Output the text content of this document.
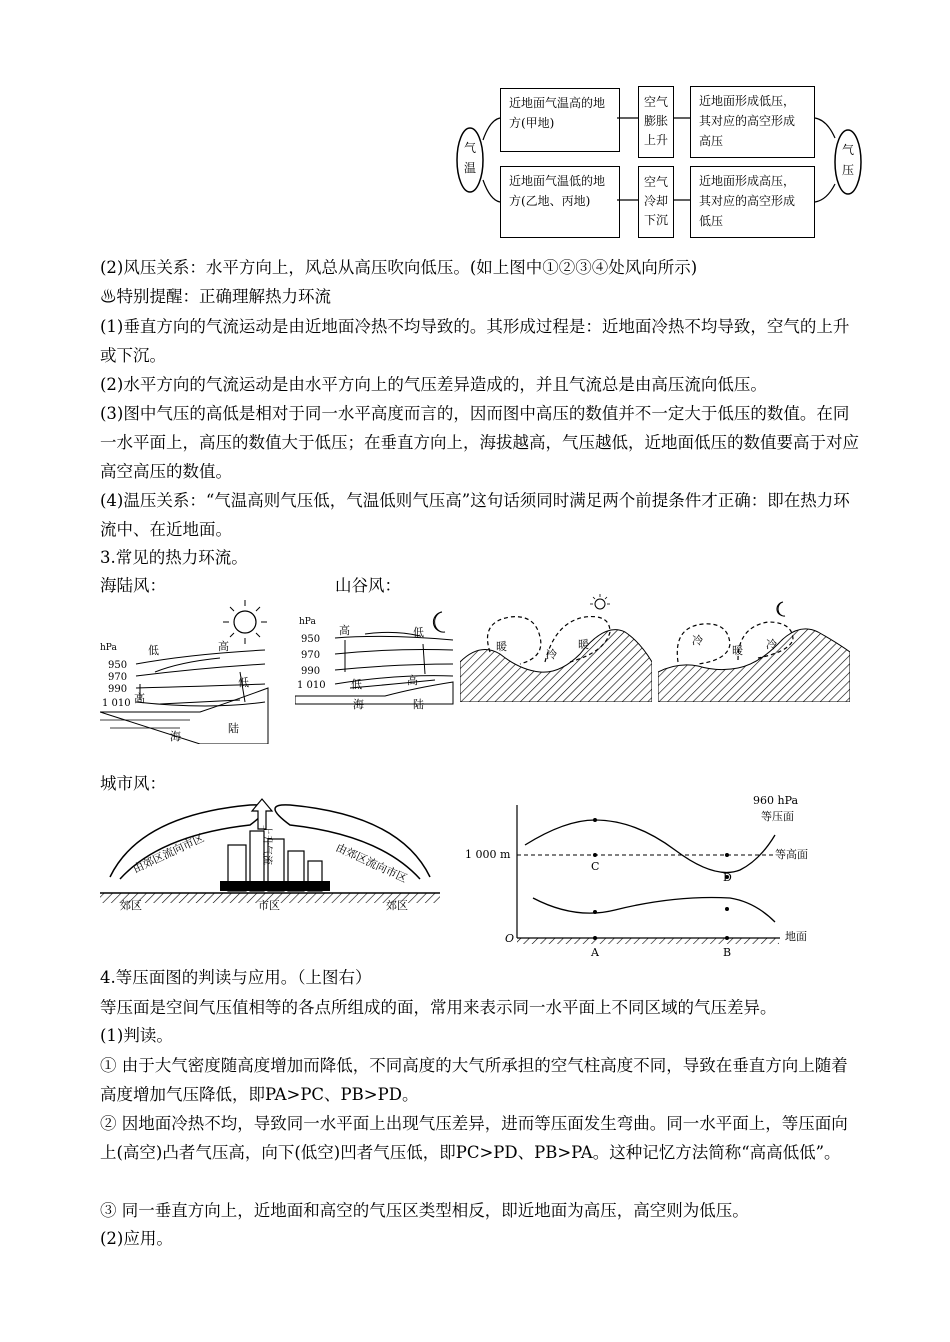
气温
气压
近地面气温高的地方(甲地)
空气膨胀上升
近地面形成低压，其对应的高空形成高压
近地面气温低的地方(乙地、丙地)
空气冷却下沉
近地面形成高压，其对应的高空形成低压
(2)风压关系：水平方向上，风总从高压吹向低压。(如上图中①②③④处风向所示)
♨特别提醒：正确理解热力环流
(1)垂直方向的气流运动是由近地面冷热不均导致的。其形成过程是：近地面冷热不均导致，空气的上升或下沉。
(2)水平方向的气流运动是由水平方向上的气压差异造成的，并且气流总是由高压流向低压。
(3)图中气压的高低是相对于同一水平高度而言的，因而图中高压的数值并不一定大于低压的数值。在同一水平面上，高压的数值大于低压；在垂直方向上，海拔越高，气压越低，近地面低压的数值要高于对应高空高压的数值。
(4)温压关系：“气温高则气压低，气温低则气压高”这句话须同时满足两个前提条件才正确：即在热力环流中、在近地面。
3.常见的热力环流。
海陆风：	山谷风：
hPa
950
970
990
1 010
低	高
低
高
海
陆
hPa
950
970
990
1 010
高	低
低	高
海	陆
暖
冷
暖	冷
暖 冷
城市风：
上升气流
由郊区流向市区	由郊区流向市区
郊区	市区	郊区
960 hPa
等压面
1 000 m	等高面
C
D
A	B
O	地面
4.等压面图的判读与应用。（上图右）
等压面是空间气压值相等的各点所组成的面，常用来表示同一水平面上不同区域的气压差异。
(1)判读。
① 由于大气密度随高度增加而降低，不同高度的大气所承担的空气柱高度不同，导致在垂直方向上随着高度增加气压降低，即PA>PC、PB>PD。
② 因地面冷热不均，导致同一水平面上出现气压差异，进而等压面发生弯曲。同一水平面上，等压面向上(高空)凸者气压高，向下(低空)凹者气压低，即PC>PD、PB>PA。这种记忆方法简称“高高低低”。
③ 同一垂直方向上，近地面和高空的气压区类型相反，即近地面为高压，高空则为低压。
(2)应用。
